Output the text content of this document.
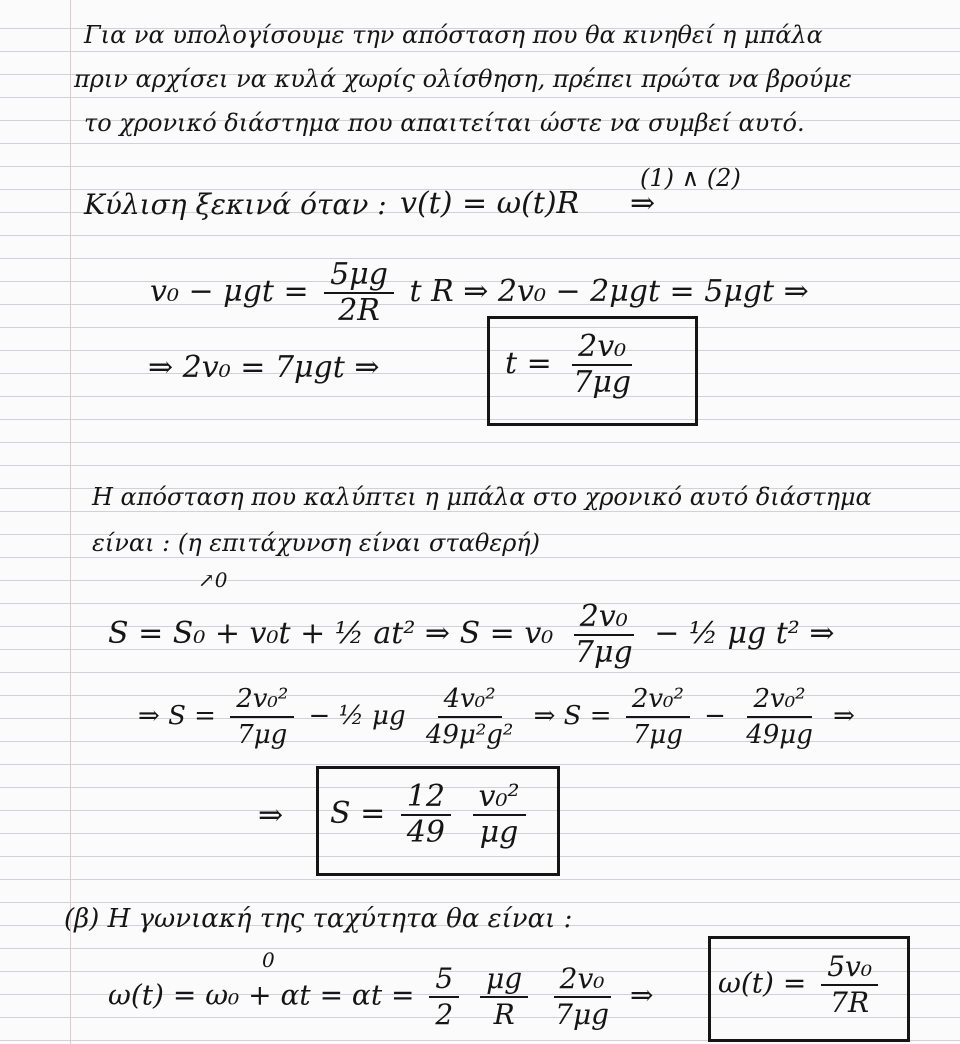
Για να υπολογίσουμε την απόσταση που θα κινηθεί η μπάλα
πριν αρχίσει να κυλά χωρίς ολίσθηση, πρέπει πρώτα να βρούμε
το χρονικό διάστημα που απαιτείται ώστε να συμβεί αυτό.
Κύλιση ξεκινά όταν : v(t) = ω(t)R
(1) ∧ (2)
⇒
$v_0 - \mu gt = \frac{5\mu g}{2R}$ t R ⇒ 2v₀ − 2μgt = 5μgt ⇒
⇒ 2v₀ = 7μgt ⇒	$t = \frac{\text{2v₀}}{7\mu g}$
Η απόσταση που καλύπτει η μπάλα στο χρονικό αυτό διάστημα
είναι : (η επιτάχυνση είναι σταθερή)
↗0
S = S₀ + v₀t + ½ at² ⇒ $S = v_0 \frac{\text{2v₀}}{7\mu g}$ − ½ μg t² ⇒
⇒ $S = \frac{\text{2v₀²}}{7\mu g}$ − ½ μg $\frac{\text{4v₀²}}{\text{49μ²g²}}$ ⇒ $S = \frac{\text{2v₀²}}{7\mu g} - \frac{\text{2v₀²}}{49\mu g}$ ⇒
⇒ $S = \frac{12}{49}$
$\frac{\text{v₀²}}{\mu g}$
(β) Η γωνιακή της ταχύτητα θα είναι :
0
$\omega(t) = \omega_0 + \alpha t = \alpha t = \frac{5}{2}$
$\frac{\mu g}{R}$
$\frac{\text{2v₀}}{7\mu g}$ ⇒ $\omega(t) = \frac{\text{5v₀}}{7R}$
